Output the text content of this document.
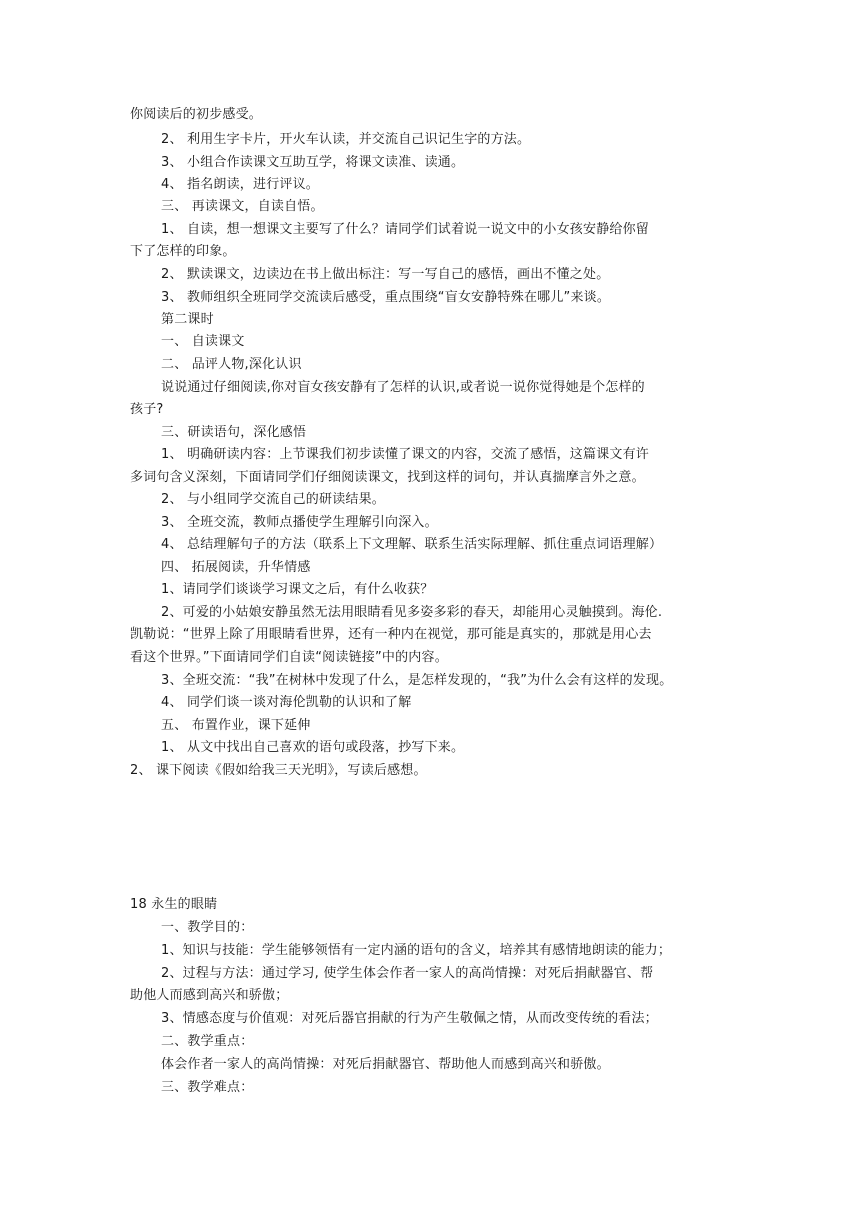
你阅读后的初步感受。
2、 利用生字卡片，开火车认读，并交流自己识记生字的方法。
3、 小组合作读课文互助互学，将课文读准、读通。
4、 指名朗读，进行评议。
三、 再读课文，自读自悟。
1、 自读，想一想课文主要写了什么？请同学们试着说一说文中的小女孩安静给你留
下了怎样的印象。
2、 默读课文，边读边在书上做出标注：写一写自己的感悟，画出不懂之处。
3、 教师组织全班同学交流读后感受，重点围绕“盲女安静特殊在哪儿”来谈。
第二课时
一、 自读课文
二、 品评人物,深化认识
说说通过仔细阅读,你对盲女孩安静有了怎样的认识,或者说一说你觉得她是个怎样的
孩子?
三、研读语句，深化感悟
1、 明确研读内容：上节课我们初步读懂了课文的内容，交流了感悟，这篇课文有许
多词句含义深刻，下面请同学们仔细阅读课文，找到这样的词句，并认真揣摩言外之意。
2、 与小组同学交流自己的研读结果。
3、 全班交流，教师点播使学生理解引向深入。
4、 总结理解句子的方法（联系上下文理解、联系生活实际理解、抓住重点词语理解）
四、 拓展阅读，升华情感
1、请同学们谈谈学习课文之后，有什么收获？
2、可爱的小姑娘安静虽然无法用眼睛看见多姿多彩的春天，却能用心灵触摸到。海伦.
凯勒说：“世界上除了用眼睛看世界，还有一种内在视觉，那可能是真实的，那就是用心去
看这个世界。”下面请同学们自读“阅读链接”中的内容。
3、全班交流：“我”在树林中发现了什么，是怎样发现的，“我”为什么会有这样的发现。
4、 同学们谈一谈对海伦凯勒的认识和了解
五、 布置作业，课下延伸
1、 从文中找出自己喜欢的语句或段落，抄写下来。
2、 课下阅读《假如给我三天光明》，写读后感想。
18 永生的眼睛
一、教学目的：
1、知识与技能：学生能够领悟有一定内涵的语句的含义，培养其有感情地朗读的能力；
2、过程与方法：通过学习, 使学生体会作者一家人的高尚情操：对死后捐献器官、帮
助他人而感到高兴和骄傲；
3、情感态度与价值观：对死后器官捐献的行为产生敬佩之情，从而改变传统的看法；
二、教学重点：
体会作者一家人的高尚情操：对死后捐献器官、帮助他人而感到高兴和骄傲。
三、教学难点：
